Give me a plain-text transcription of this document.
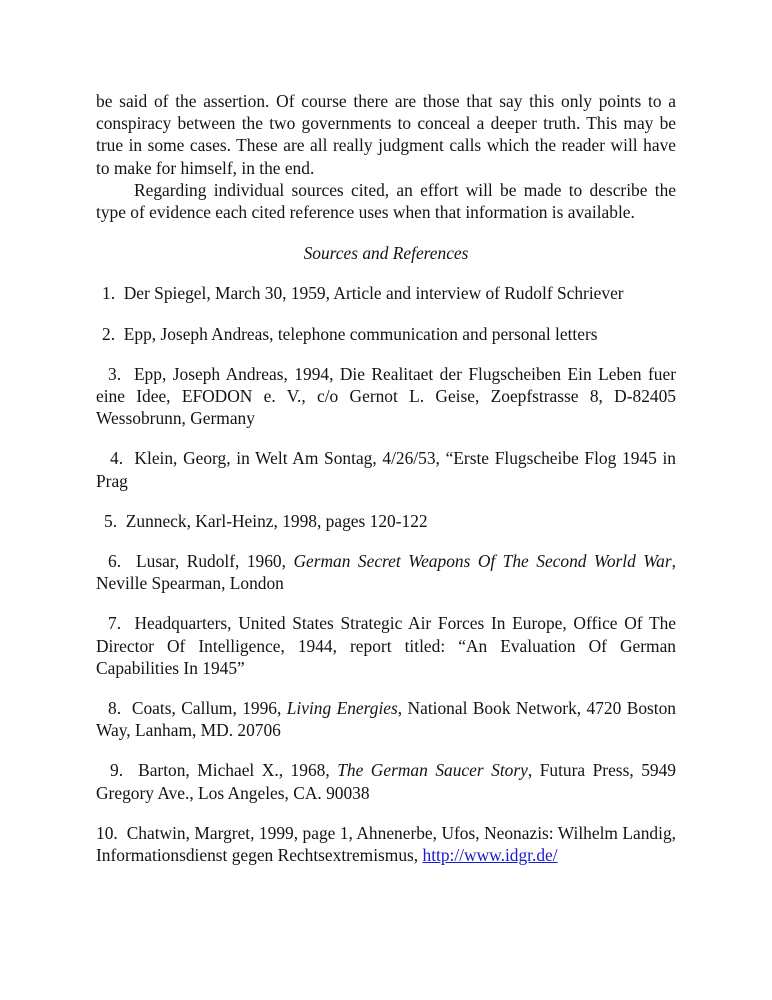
be said of the assertion. Of course there are those that say this only points to a conspiracy between the two governments to conceal a deeper truth. This may be true in some cases. These are all really judgment calls which the reader will have to make for himself, in the end.

Regarding individual sources cited, an effort will be made to describe the type of evidence each cited reference uses when that information is available.

Sources and References

1. Der Spiegel, March 30, 1959, Article and interview of Rudolf Schriever
2. Epp, Joseph Andreas, telephone communication and personal letters
3. Epp, Joseph Andreas, 1994, Die Realitaet der Flugscheiben Ein Leben fuer eine Idee, EFODON e. V., c/o Gernot L. Geise, Zoepfstrasse 8, D-82405 Wessobrunn, Germany
4. Klein, Georg, in Welt Am Sontag, 4/26/53, “Erste Flugscheibe Flog 1945 in Prag
5. Zunneck, Karl-Heinz, 1998, pages 120-122
6. Lusar, Rudolf, 1960, German Secret Weapons Of The Second World War, Neville Spearman, London
7. Headquarters, United States Strategic Air Forces In Europe, Office Of The Director Of Intelligence, 1944, report titled: “An Evaluation Of German Capabilities In 1945”
8. Coats, Callum, 1996, Living Energies, National Book Network, 4720 Boston Way, Lanham, MD. 20706
9. Barton, Michael X., 1968, The German Saucer Story, Futura Press, 5949 Gregory Ave., Los Angeles, CA. 90038
10. Chatwin, Margret, 1999, page 1, Ahnenerbe, Ufos, Neonazis: Wilhelm Landig, Informationsdienst gegen Rechtsextremismus, http://www.idgr.de/
